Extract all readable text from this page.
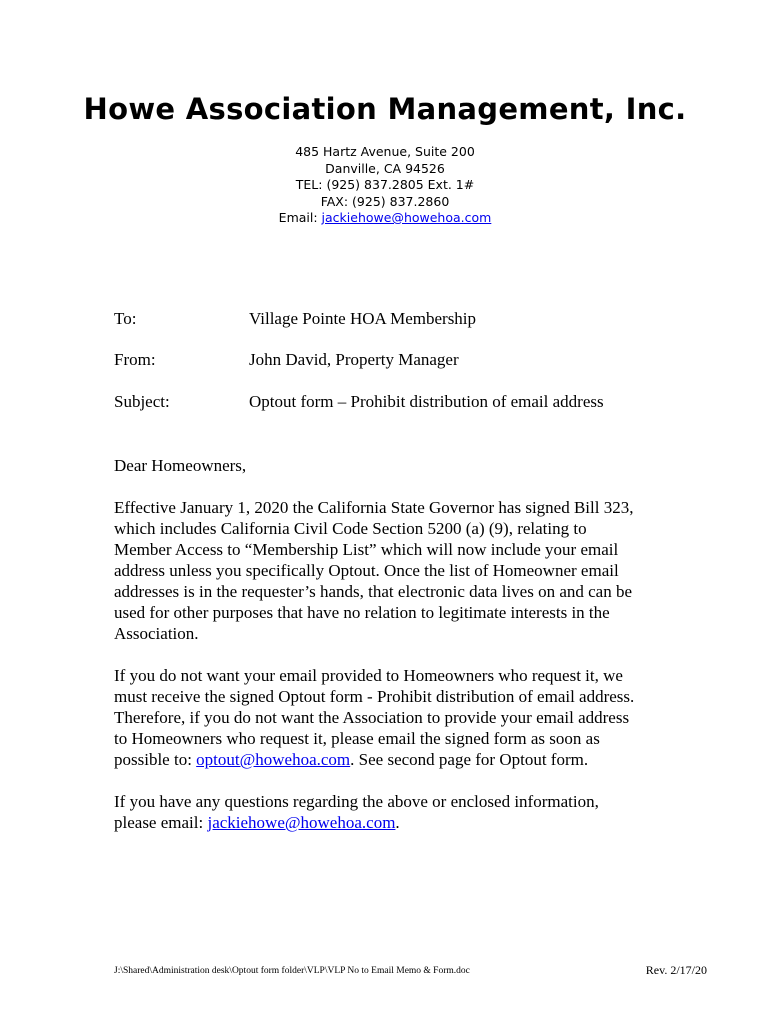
Howe Association Management, Inc.
485 Hartz Avenue, Suite 200
Danville, CA 94526
TEL: (925) 837.2805 Ext. 1#
FAX: (925) 837.2860
Email: jackiehowe@howehoa.com
To:	Village Pointe HOA Membership
From:	John David, Property Manager
Subject:	Optout form – Prohibit distribution of email address
Dear Homeowners,
Effective January 1, 2020 the California State Governor has signed Bill 323,
which includes California Civil Code Section 5200 (a) (9), relating to
Member Access to “Membership List” which will now include your email
address unless you specifically Optout. Once the list of Homeowner email
addresses is in the requester’s hands, that electronic data lives on and can be
used for other purposes that have no relation to legitimate interests in the
Association.
If you do not want your email provided to Homeowners who request it, we
must receive the signed Optout form - Prohibit distribution of email address.
Therefore, if you do not want the Association to provide your email address
to Homeowners who request it, please email the signed form as soon as
possible to: optout@howehoa.com. See second page for Optout form.
If you have any questions regarding the above or enclosed information,
please email: jackiehowe@howehoa.com.
J:\Shared\Administration desk\Optout form folder\VLP\VLP No to Email Memo & Form.doc	Rev. 2/17/20
